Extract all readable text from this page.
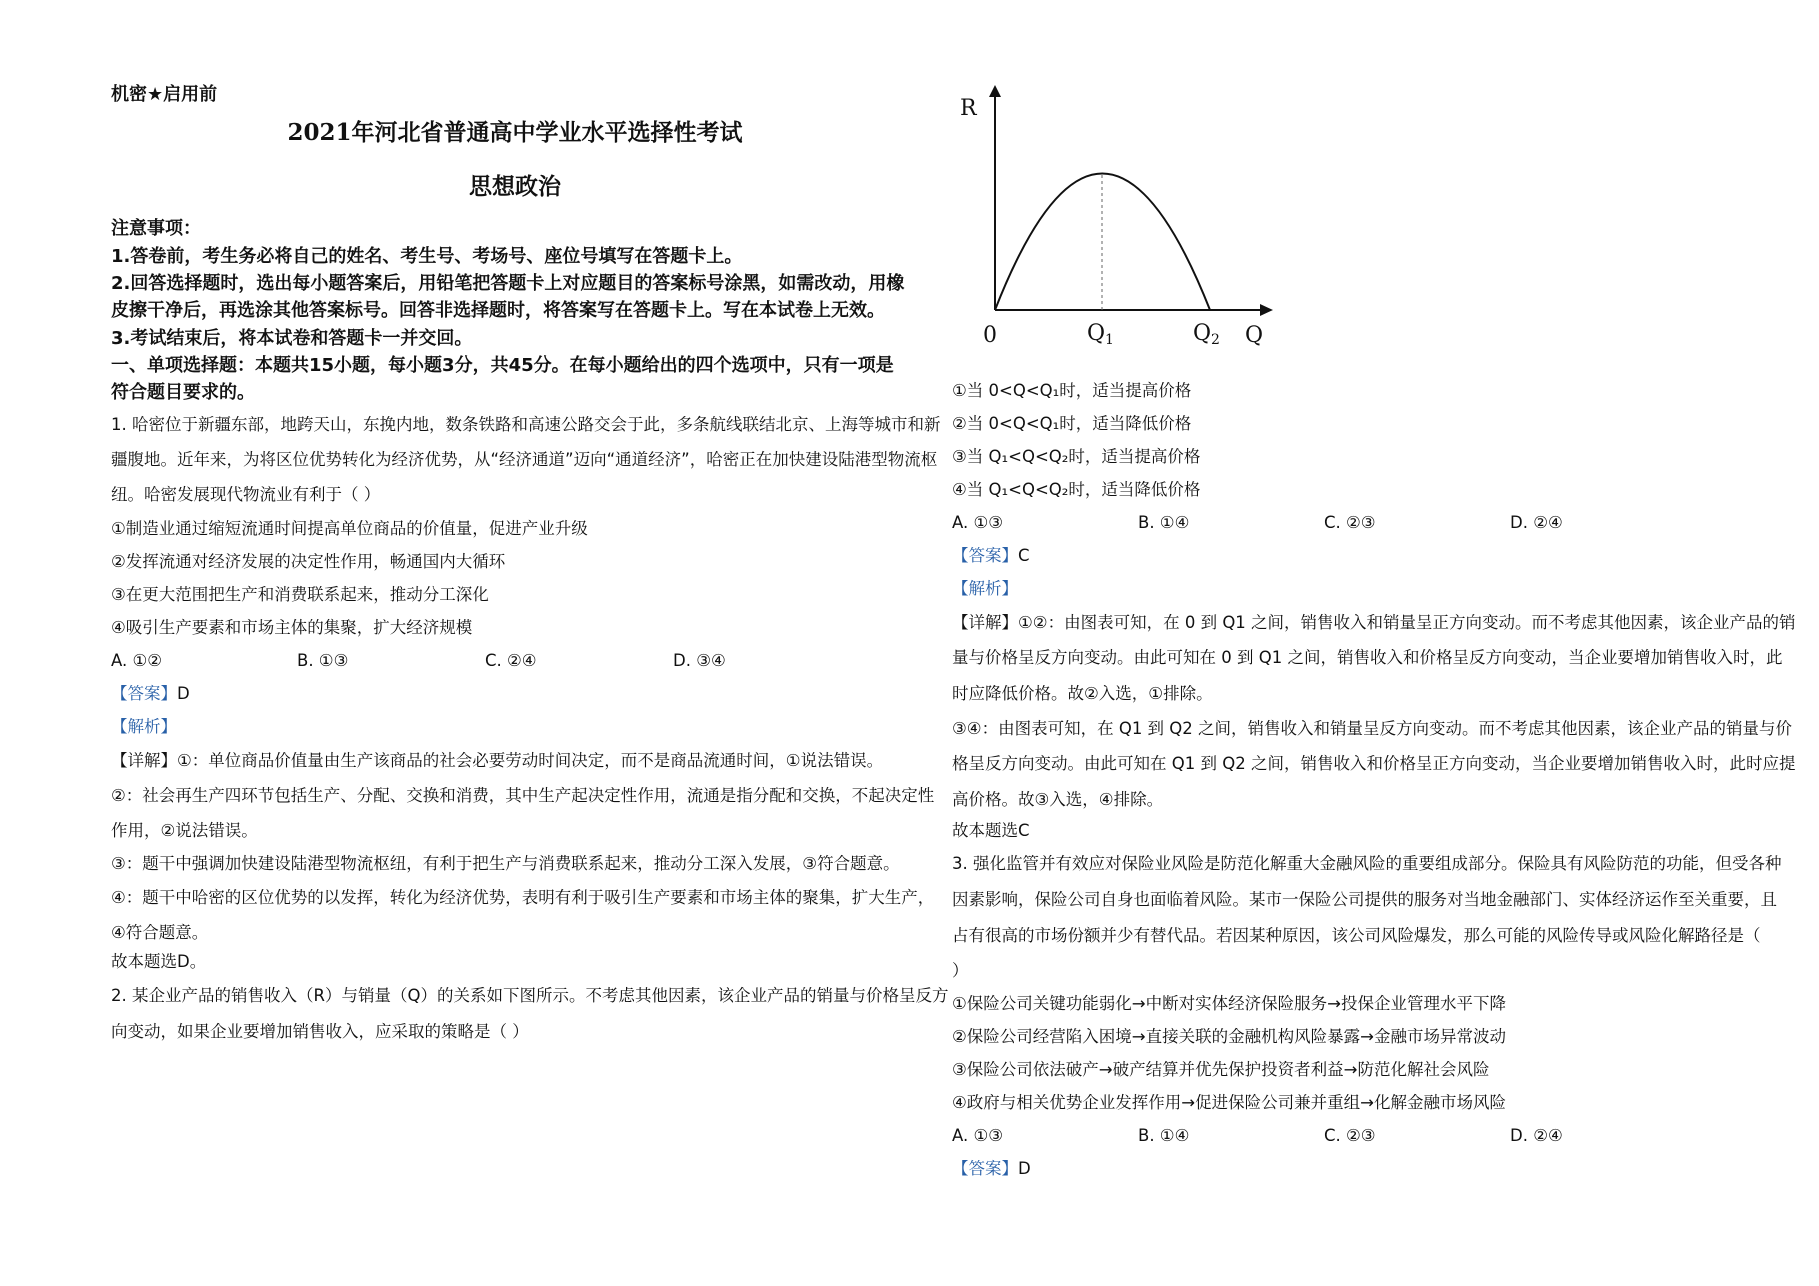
机密★启用前
2021年河北省普通高中学业水平选择性考试
思想政治
注意事项：
1.答卷前，考生务必将自己的姓名、考生号、考场号、座位号填写在答题卡上。
2.回答选择题时，选出每小题答案后，用铅笔把答题卡上对应题目的答案标号涂黑，如需改动，用橡
皮擦干净后，再选涂其他答案标号。回答非选择题时，将答案写在答题卡上。写在本试卷上无效。
3.考试结束后，将本试卷和答题卡一并交回。
一、单项选择题：本题共15小题，每小题3分，共45分。在每小题给出的四个选项中，只有一项是
符合题目要求的。
1. 哈密位于新疆东部，地跨天山，东挽内地，数条铁路和高速公路交会于此，多条航线联结北京、上海等城市和新
疆腹地。近年来，为将区位优势转化为经济优势，从“经济通道”迈向“通道经济”，哈密正在加快建设陆港型物流枢
纽。哈密发展现代物流业有利于（ ）
①制造业通过缩短流通时间提高单位商品的价值量，促进产业升级
②发挥流通对经济发展的决定性作用，畅通国内大循环
③在更大范围把生产和消费联系起来，推动分工深化
④吸引生产要素和市场主体的集聚，扩大经济规模
A. ①②	B. ①③	C. ②④	D. ③④
【答案】D
【解析】
【详解】①：单位商品价值量由生产该商品的社会必要劳动时间决定，而不是商品流通时间，①说法错误。
②：社会再生产四环节包括生产、分配、交换和消费，其中生产起决定性作用，流通是指分配和交换，不起决定性
作用，②说法错误。
③：题干中强调加快建设陆港型物流枢纽，有利于把生产与消费联系起来，推动分工深入发展，③符合题意。
④：题干中哈密的区位优势的以发挥，转化为经济优势，表明有利于吸引生产要素和市场主体的聚集，扩大生产，
④符合题意。
故本题选D。
2. 某企业产品的销售收入（R）与销量（Q）的关系如下图所示。不考虑其他因素，该企业产品的销量与价格呈反方
向变动，如果企业要增加销售收入，应采取的策略是（ ）
R
Q
0	Q1	Q2
①当 0<Q<Q₁时，适当提高价格
②当 0<Q<Q₁时，适当降低价格
③当 Q₁<Q<Q₂时，适当提高价格
④当 Q₁<Q<Q₂时，适当降低价格
A. ①③	B. ①④	C. ②③	D. ②④
【答案】C
【解析】
【详解】①②：由图表可知，在 0 到 Q1 之间，销售收入和销量呈正方向变动。而不考虑其他因素，该企业产品的销
量与价格呈反方向变动。由此可知在 0 到 Q1 之间，销售收入和价格呈反方向变动，当企业要增加销售收入时，此
时应降低价格。故②入选，①排除。
③④：由图表可知，在 Q1 到 Q2 之间，销售收入和销量呈反方向变动。而不考虑其他因素，该企业产品的销量与价
格呈反方向变动。由此可知在 Q1 到 Q2 之间，销售收入和价格呈正方向变动，当企业要增加销售收入时，此时应提
高价格。故③入选，④排除。
故本题选C
3. 强化监管并有效应对保险业风险是防范化解重大金融风险的重要组成部分。保险具有风险防范的功能，但受各种
因素影响，保险公司自身也面临着风险。某市一保险公司提供的服务对当地金融部门、实体经济运作至关重要，且
占有很高的市场份额并少有替代品。若因某种原因，该公司风险爆发，那么可能的风险传导或风险化解路径是（
）
①保险公司关键功能弱化→中断对实体经济保险服务→投保企业管理水平下降
②保险公司经营陷入困境→直接关联的金融机构风险暴露→金融市场异常波动
③保险公司依法破产→破产结算并优先保护投资者利益→防范化解社会风险
④政府与相关优势企业发挥作用→促进保险公司兼并重组→化解金融市场风险
A. ①③	B. ①④	C. ②③	D. ②④
【答案】D
